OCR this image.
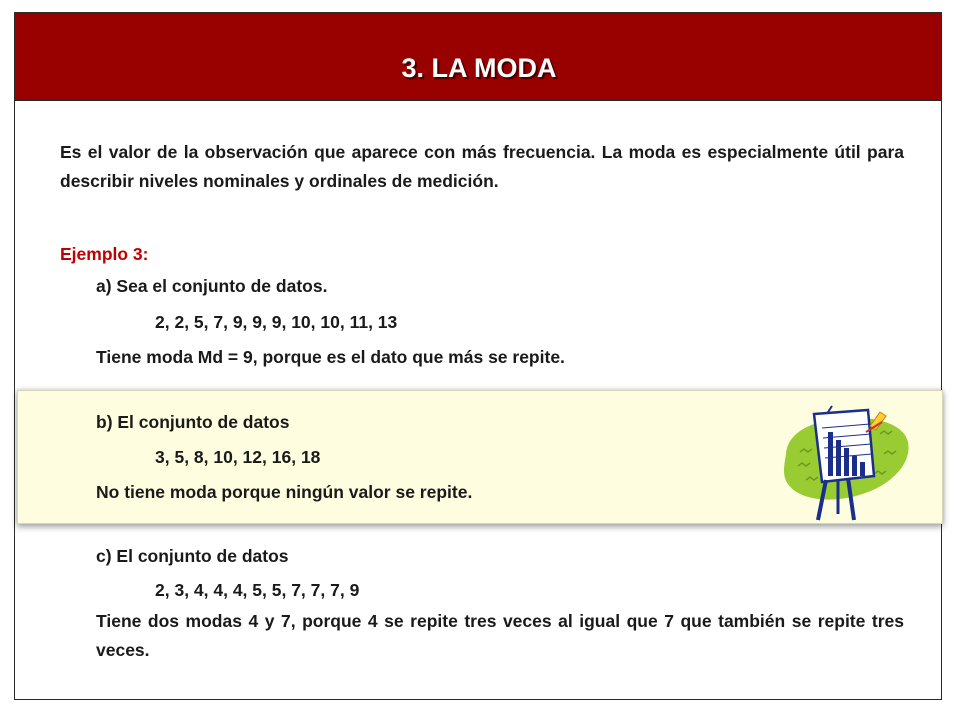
3. LA MODA
Es el valor de la observación que aparece con más frecuencia. La moda es especialmente útil para describir niveles nominales y ordinales de medición.
Ejemplo 3:
a) Sea el conjunto de datos.
2, 2, 5, 7, 9, 9, 9, 10, 10, 11, 13
Tiene moda Md = 9, porque es el dato que más se repite.
b) El conjunto de datos
3, 5, 8, 10, 12, 16, 18
No tiene moda porque ningún valor se repite.
c) El conjunto de datos
2, 3, 4, 4, 4, 5, 5, 7, 7, 7, 9
Tiene dos modas 4 y 7, porque 4 se repite tres veces al igual que 7 que también se repite tres veces.
